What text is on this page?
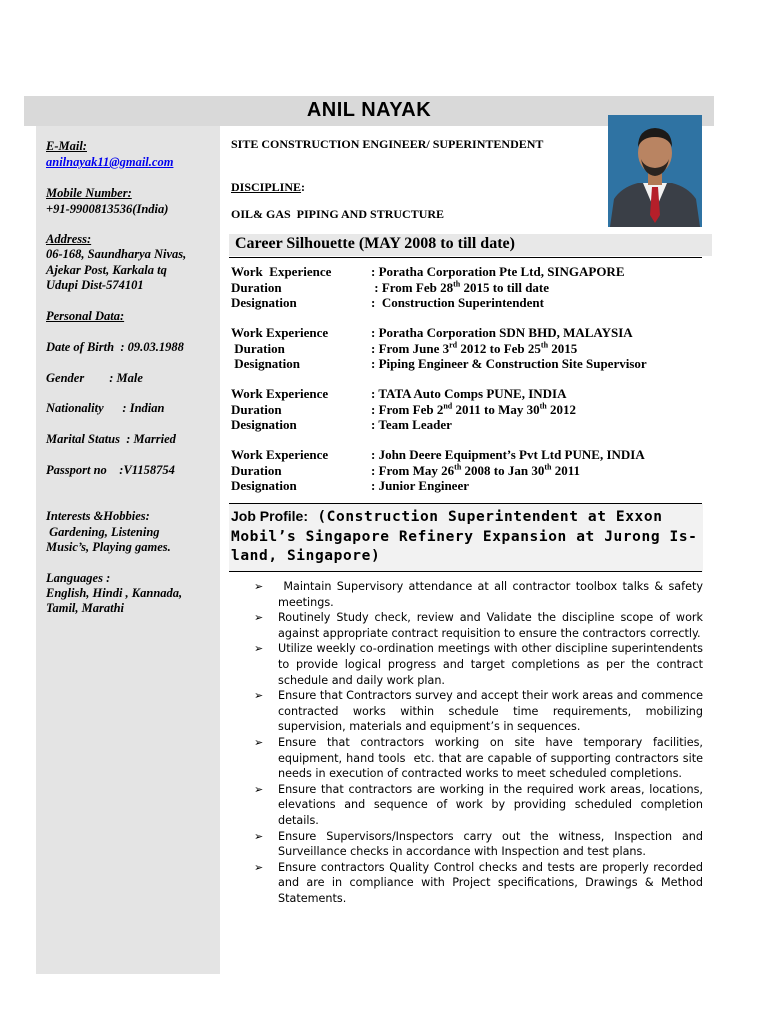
ANIL NAYAK
E-Mail:
anilnayak11@gmail.com
Mobile Number:
+91-9900813536(India)
Address:
06-168, Saundharya Nivas,
Ajekar Post, Karkala tq
Udupi Dist-574101
Personal Data:
Date of Birth  : 09.03.1988
Gender        : Male
Nationality      : Indian
Marital Status  : Married
Passport no    :V1158754
Interests &Hobbies:
Gardening, Listening
Music’s, Playing games.
Languages :
English, Hindi , Kannada,
Tamil, Marathi
SITE CONSTRUCTION ENGINEER/ SUPERINTENDENT
DISCIPLINE:
OIL& GAS  PIPING AND STRUCTURE
Career Silhouette (MAY 2008 to till date)
Work  Experience	: Poratha Corporation Pte Ltd, SINGAPORE
Duration	: From Feb 28th 2015 to till date
Designation	:  Construction Superintendent
Work Experience	: Poratha Corporation SDN BHD, MALAYSIA
Duration	: From June 3rd 2012 to Feb 25th 2015
Designation	: Piping Engineer & Construction Site Supervisor
Work Experience	: TATA Auto Comps PUNE, INDIA
Duration	: From Feb 2nd 2011 to May 30th 2012
Designation	: Team Leader
Work Experience	: John Deere Equipment’s Pvt Ltd PUNE, INDIA
Duration	: From May 26th 2008 to Jan 30th 2011
Designation	: Junior Engineer
Job Profile: (Construction Superintendent at Exxon Mobil’s Singapore Refinery Expansion at Jurong Is-land, Singapore)
➢	Maintain Supervisory attendance at all contractor toolbox talks & safety meetings.
➢	Routinely Study check, review and Validate the discipline scope of work against appropriate contract requisition to ensure the contractors correctly.
➢	Utilize weekly co-ordination meetings with other discipline superintendents to provide logical progress and target completions as per the contract schedule and daily work plan.
➢	Ensure that Contractors survey and accept their work areas and commence contracted works within schedule time requirements, mobilizing supervision, materials and equipment’s in sequences.
➢	Ensure that contractors working on site have temporary facilities, equipment, hand tools  etc. that are capable of supporting contractors site needs in execution of contracted works to meet scheduled completions.
➢	Ensure that contractors are working in the required work areas, locations, elevations and sequence of work by providing scheduled completion details.
➢	Ensure Supervisors/Inspectors carry out the witness, Inspection and Surveillance checks in accordance with Inspection and test plans.
➢	Ensure contractors Quality Control checks and tests are properly recorded and are in compliance with Project specifications, Drawings & Method Statements.
